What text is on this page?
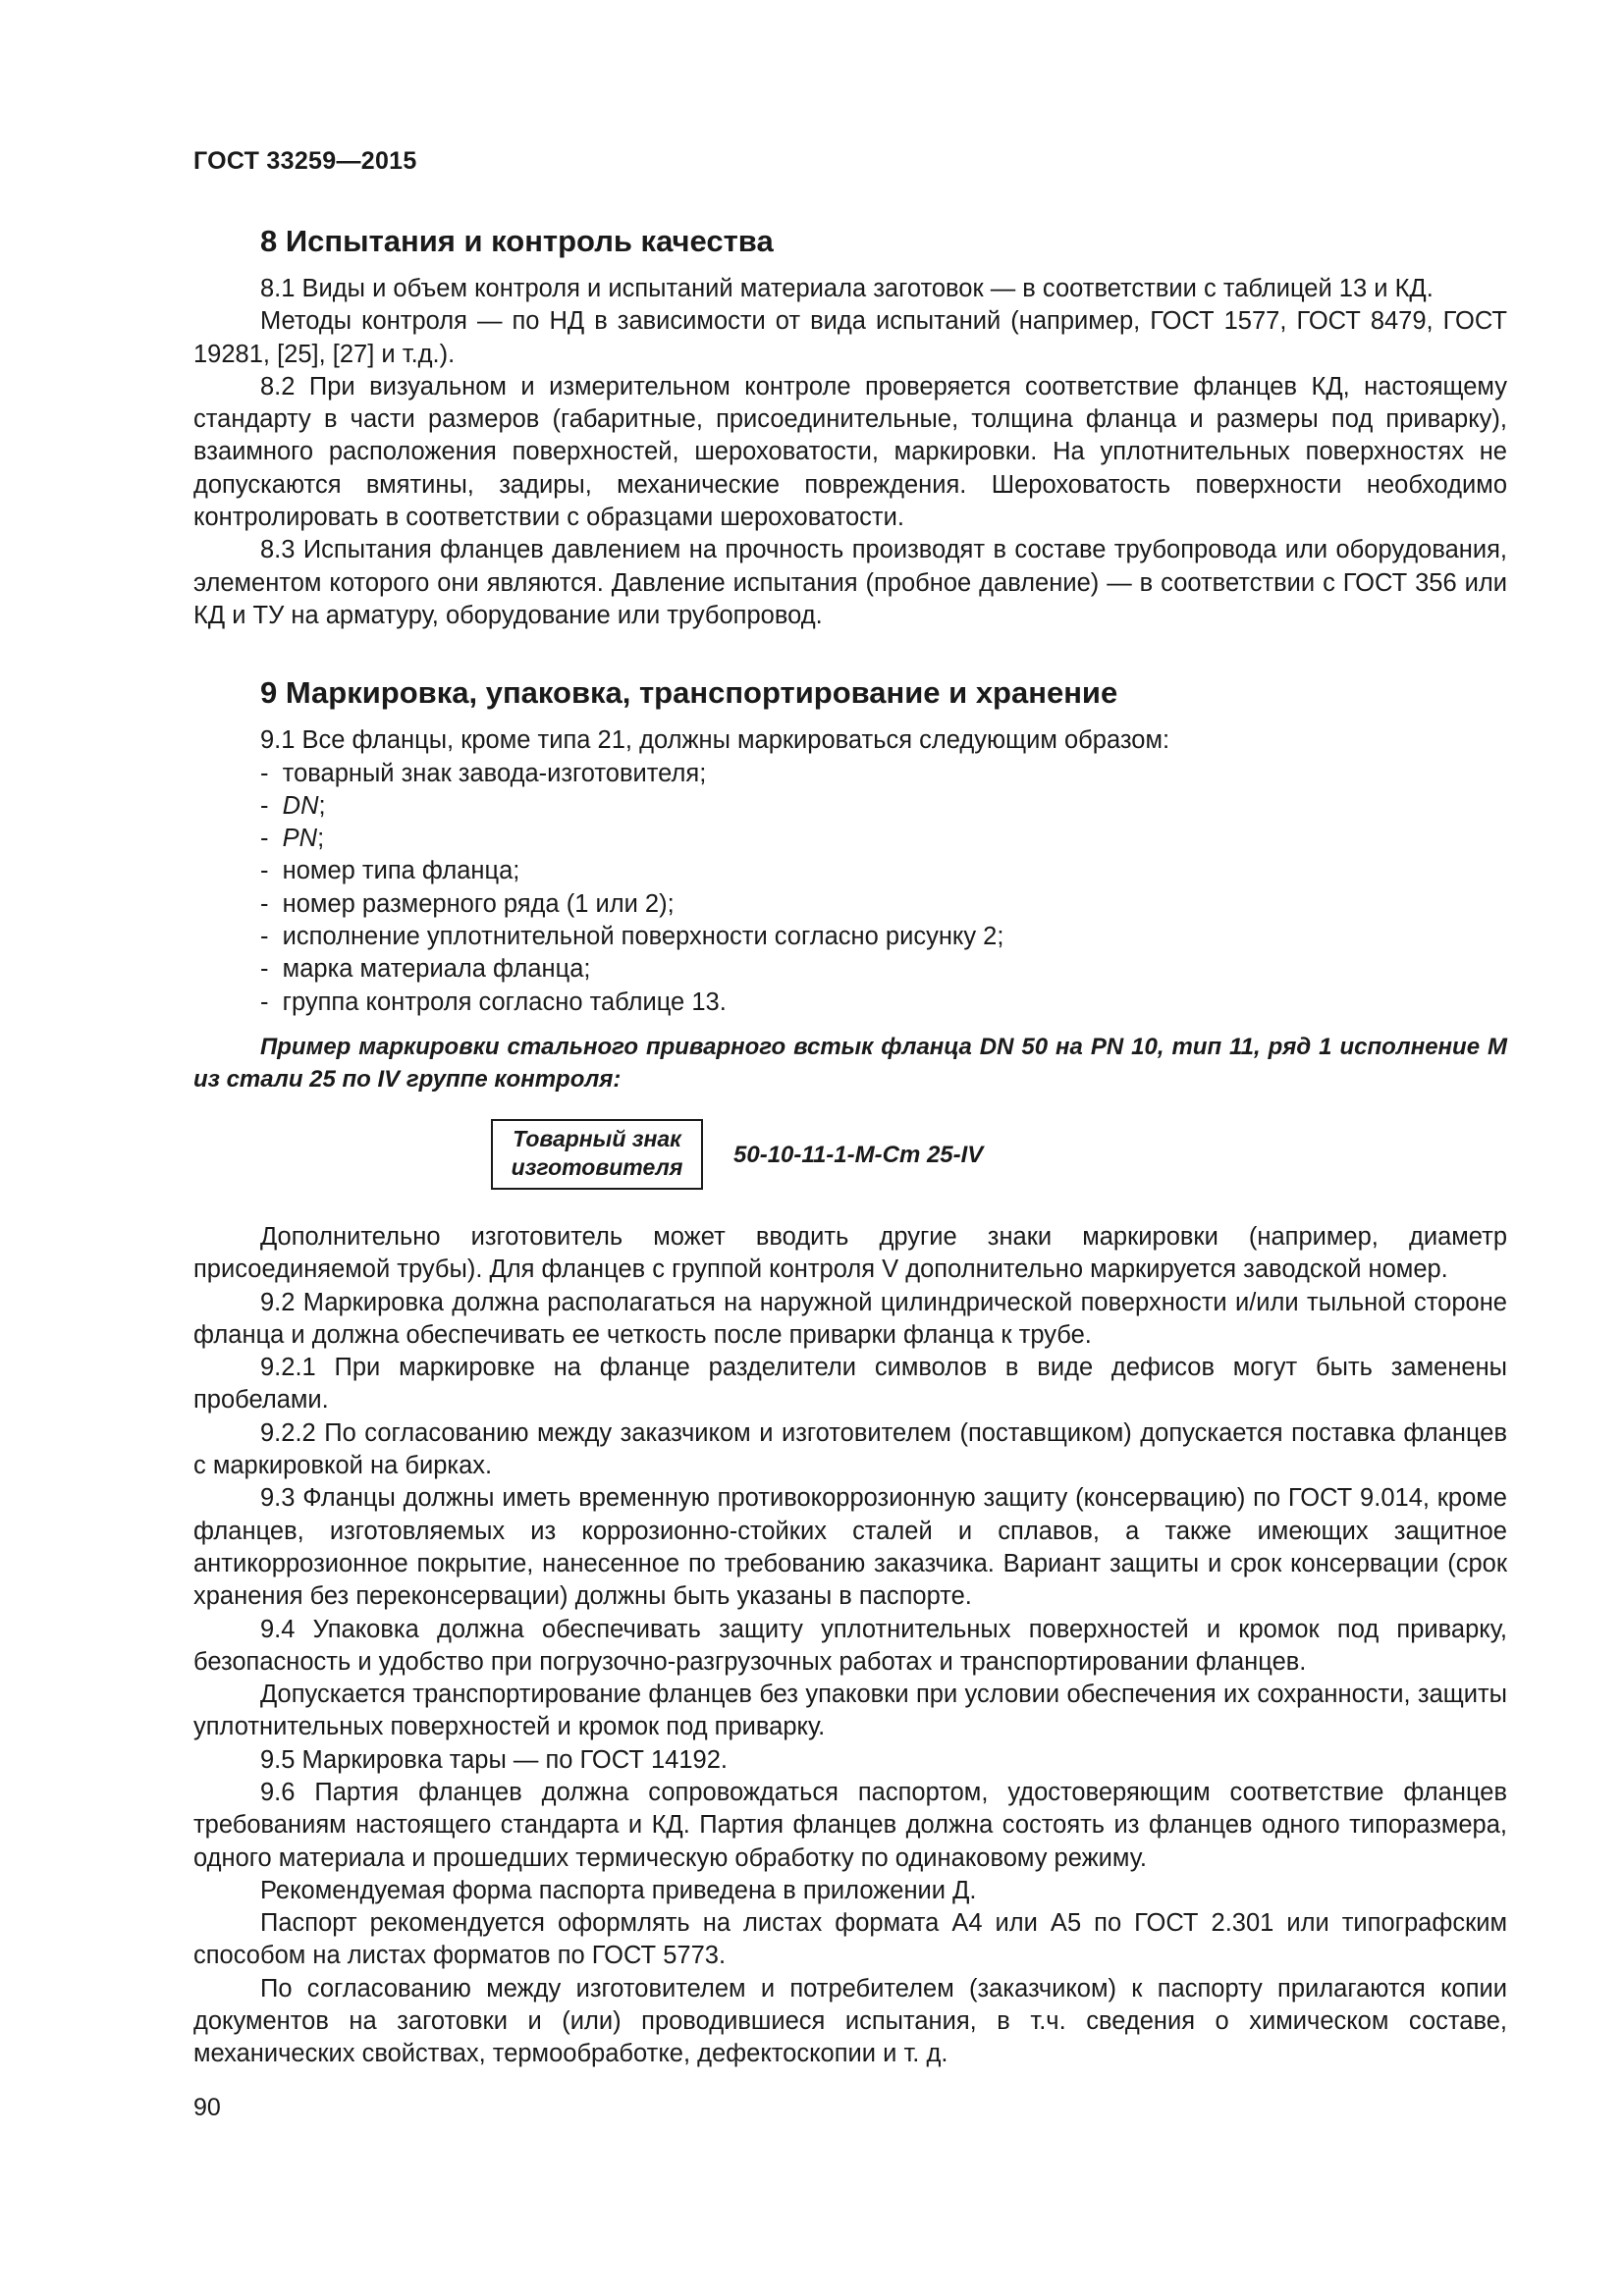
ГОСТ 33259—2015
8 Испытания и контроль качества

8.1 Виды и объем контроля и испытаний материала заготовок — в соответствии с таблицей 13 и КД.

Методы контроля — по НД в зависимости от вида испытаний (например, ГОСТ 1577, ГОСТ 8479, ГОСТ 19281, [25], [27] и т.д.).

8.2 При визуальном и измерительном контроле проверяется соответствие фланцев КД, настоящему стандарту в части размеров (габаритные, присоединительные, толщина фланца и размеры под приварку), взаимного расположения поверхностей, шероховатости, маркировки. На уплотнительных поверхностях не допускаются вмятины, задиры, механические повреждения. Шероховатость поверхности необходимо контролировать в соответствии с образцами шероховатости.

8.3 Испытания фланцев давлением на прочность производят в составе трубопровода или оборудования, элементом которого они являются. Давление испытания (пробное давление) — в соответствии с ГОСТ 356 или КД и ТУ на арматуру, оборудование или трубопровод.

9 Маркировка, упаковка, транспортирование и хранение

9.1 Все фланцы, кроме типа 21, должны маркироваться следующим образом:

- товарный знак завода-изготовителя;
- DN;
- PN;
- номер типа фланца;
- номер размерного ряда (1 или 2);
- исполнение уплотнительной поверхности согласно рисунку 2;
- марка материала фланца;
- группа контроля согласно таблице 13.

Пример маркировки стального приварного встык фланца DN 50 на PN 10, тип 11, ряд 1 исполнение M из стали 25 по IV группе контроля:

Товарный знак
изготовителя	50-10-11-1-М-Ст 25-IV

Дополнительно изготовитель может вводить другие знаки маркировки (например, диаметр присоединяемой трубы). Для фланцев с группой контроля V дополнительно маркируется заводской номер.

9.2 Маркировка должна располагаться на наружной цилиндрической поверхности и/или тыльной стороне фланца и должна обеспечивать ее четкость после приварки фланца к трубе.

9.2.1 При маркировке на фланце разделители символов в виде дефисов могут быть заменены пробелами.

9.2.2 По согласованию между заказчиком и изготовителем (поставщиком) допускается поставка фланцев с маркировкой на бирках.

9.3 Фланцы должны иметь временную противокоррозионную защиту (консервацию) по ГОСТ 9.014, кроме фланцев, изготовляемых из коррозионно-стойких сталей и сплавов, а также имеющих защитное антикоррозионное покрытие, нанесенное по требованию заказчика. Вариант защиты и срок консервации (срок хранения без переконсервации) должны быть указаны в паспорте.

9.4 Упаковка должна обеспечивать защиту уплотнительных поверхностей и кромок под приварку, безопасность и удобство при погрузочно-разгрузочных работах и транспортировании фланцев.

Допускается транспортирование фланцев без упаковки при условии обеспечения их сохранности, защиты уплотнительных поверхностей и кромок под приварку.

9.5 Маркировка тары — по ГОСТ 14192.

9.6 Партия фланцев должна сопровождаться паспортом, удостоверяющим соответствие фланцев требованиям настоящего стандарта и КД. Партия фланцев должна состоять из фланцев одного типоразмера, одного материала и прошедших термическую обработку по одинаковому режиму.

Рекомендуемая форма паспорта приведена в приложении Д.

Паспорт рекомендуется оформлять на листах формата А4 или А5 по ГОСТ 2.301 или типографским способом на листах форматов по ГОСТ 5773.

По согласованию между изготовителем и потребителем (заказчиком) к паспорту прилагаются копии документов на заготовки и (или) проводившиеся испытания, в т.ч. сведения о химическом составе, механических свойствах, термообработке, дефектоскопии и т. д.

90
